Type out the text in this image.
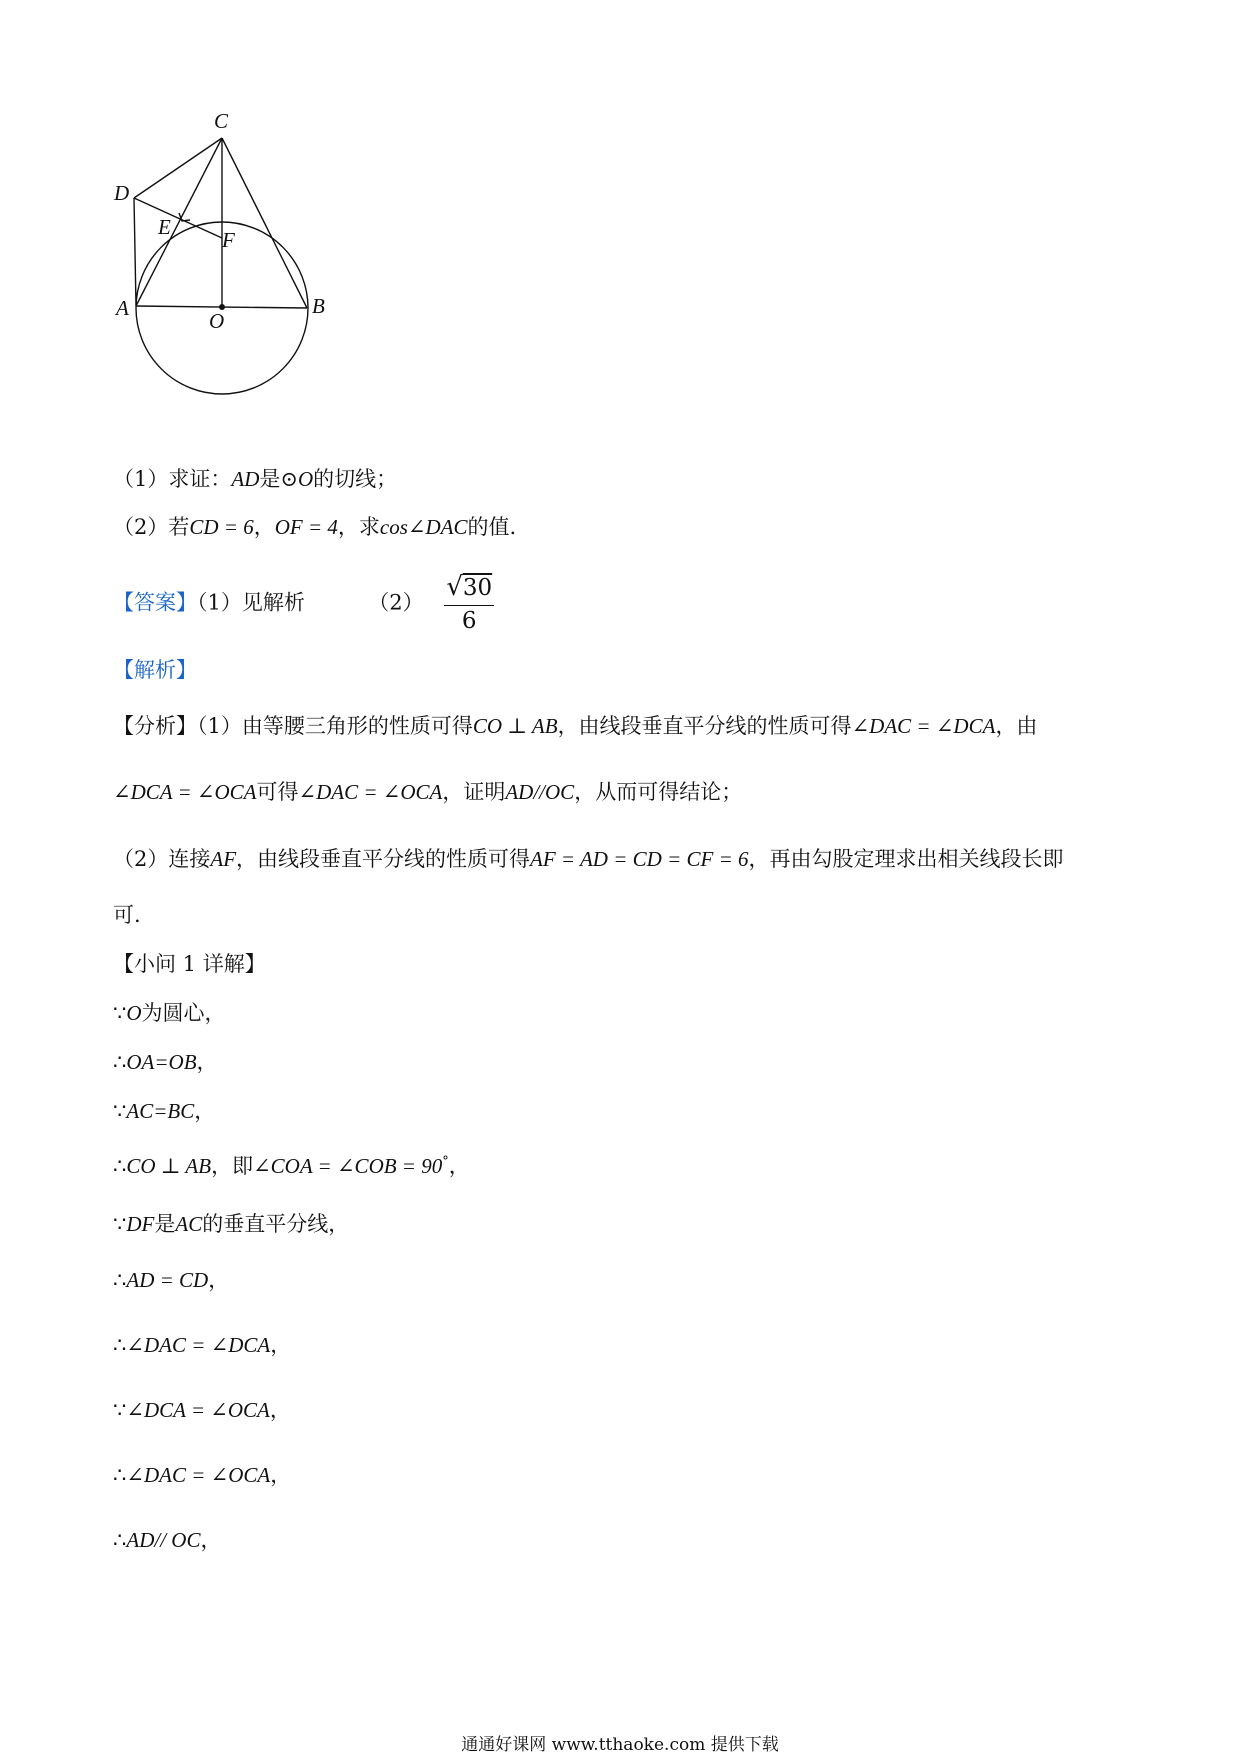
C
D
E
F
A
O
B
（1）求证：AD是⊙O的切线；
（2）若CD = 6，OF = 4，求cos∠DAC的值.
【答案】（1）见解析	$(2) \frac{√30}{6}$
【解析】
【分析】（1）由等腰三角形的性质可得CO ⊥ AB，由线段垂直平分线的性质可得∠DAC = ∠DCA，由
∠DCA = ∠OCA可得∠DAC = ∠OCA，证明AD//OC，从而可得结论；
（2）连接AF，由线段垂直平分线的性质可得AF = AD = CD = CF = 6，再由勾股定理求出相关线段长即
可.
【小问 1 详解】
∵O为圆心，
∴OA=OB，
∵AC=BC，
∴CO ⊥ AB，即∠COA = ∠COB = 90°，
∵DF是AC的垂直平分线，
∴AD = CD，
∴∠DAC = ∠DCA，
∵∠DCA = ∠OCA，
∴∠DAC = ∠OCA，
∴AD// OC，
通通好课网 www.tthaoke.com 提供下载
